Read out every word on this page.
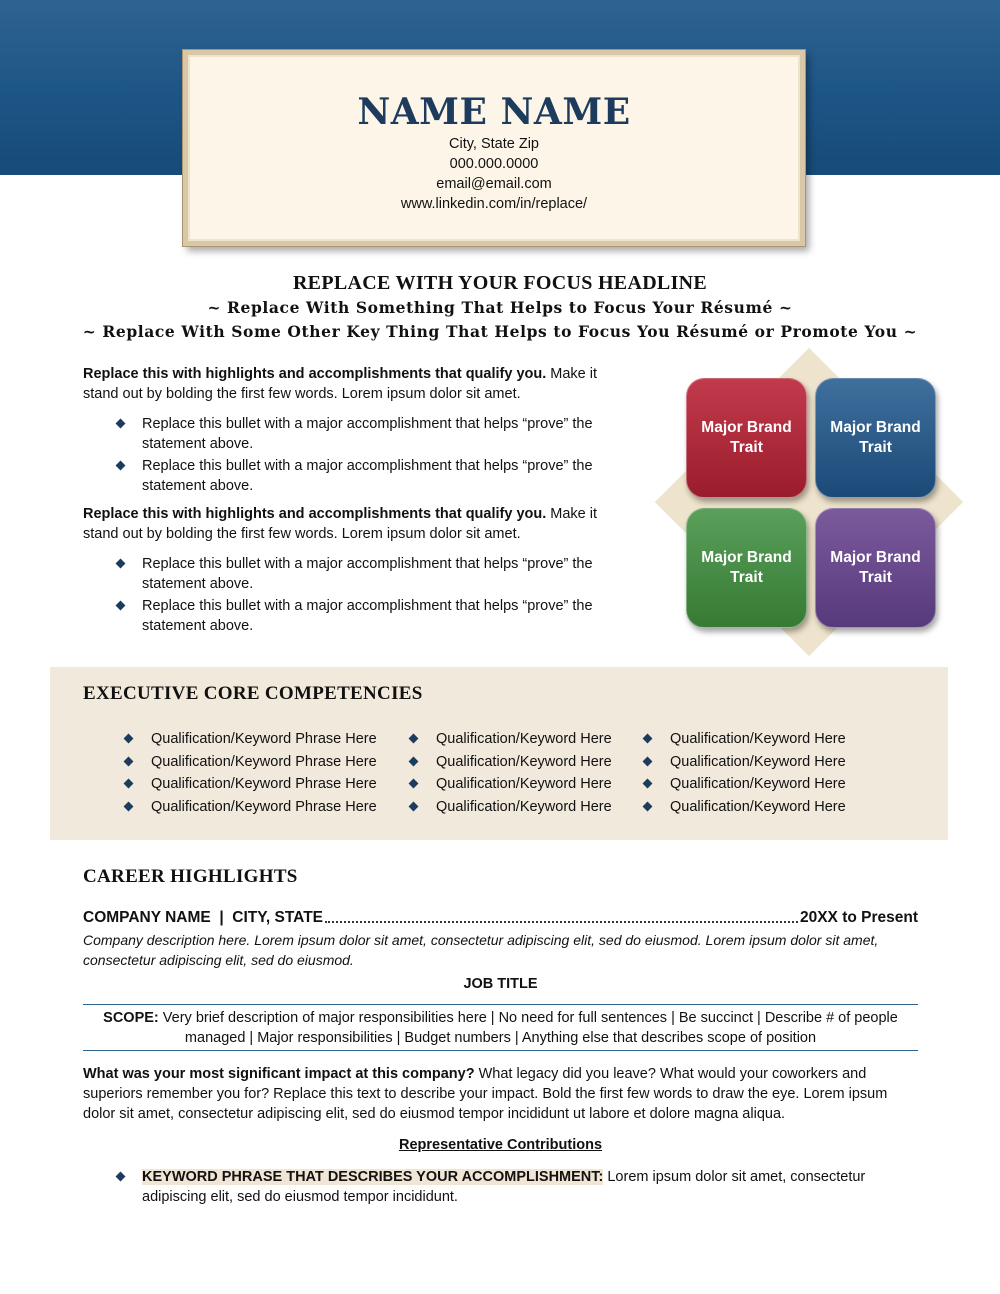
NAME NAME
City, State Zip
000.000.0000
email@email.com
www.linkedin.com/in/replace/
REPLACE WITH YOUR FOCUS HEADLINE
~ Replace With Something That Helps to Focus Your Résumé ~
~ Replace With Some Other Key Thing That Helps to Focus You Résumé or Promote You ~

Replace this with highlights and accomplishments that qualify you. Make it stand out by bolding the first few words. Lorem ipsum dolor sit amet.

Replace this bullet with a major accomplishment that helps “prove” the statement above.
Replace this bullet with a major accomplishment that helps “prove” the statement above.

Replace this with highlights and accomplishments that qualify you. Make it stand out by bolding the first few words. Lorem ipsum dolor sit amet.

Replace this bullet with a major accomplishment that helps “prove” the statement above.
Replace this bullet with a major accomplishment that helps “prove” the statement above.
Major Brand Trait
Major Brand Trait
Major Brand Trait
Major Brand Trait
EXECUTIVE CORE COMPETENCIES
Qualification/Keyword Phrase Here
Qualification/Keyword Phrase Here
Qualification/Keyword Phrase Here
Qualification/Keyword Phrase Here
Qualification/Keyword Here
Qualification/Keyword Here
Qualification/Keyword Here
Qualification/Keyword Here
Qualification/Keyword Here
Qualification/Keyword Here
Qualification/Keyword Here
Qualification/Keyword Here
CAREER HIGHLIGHTS
COMPANY NAME  |  CITY, STATE	20XX to Present
Company description here. Lorem ipsum dolor sit amet, consectetur adipiscing elit, sed do eiusmod. Lorem ipsum dolor sit amet, consectetur adipiscing elit, sed do eiusmod.
JOB TITLE
SCOPE: Very brief description of major responsibilities here | No need for full sentences | Be succinct | Describe # of people managed | Major responsibilities | Budget numbers | Anything else that describes scope of position
What was your most significant impact at this company? What legacy did you leave? What would your coworkers and superiors remember you for? Replace this text to describe your impact. Bold the first few words to draw the eye. Lorem ipsum dolor sit amet, consectetur adipiscing elit, sed do eiusmod tempor incididunt ut labore et dolore magna aliqua.
Representative Contributions
KEYWORD PHRASE THAT DESCRIBES YOUR ACCOMPLISHMENT: Lorem ipsum dolor sit amet, consectetur adipiscing elit, sed do eiusmod tempor incididunt.
